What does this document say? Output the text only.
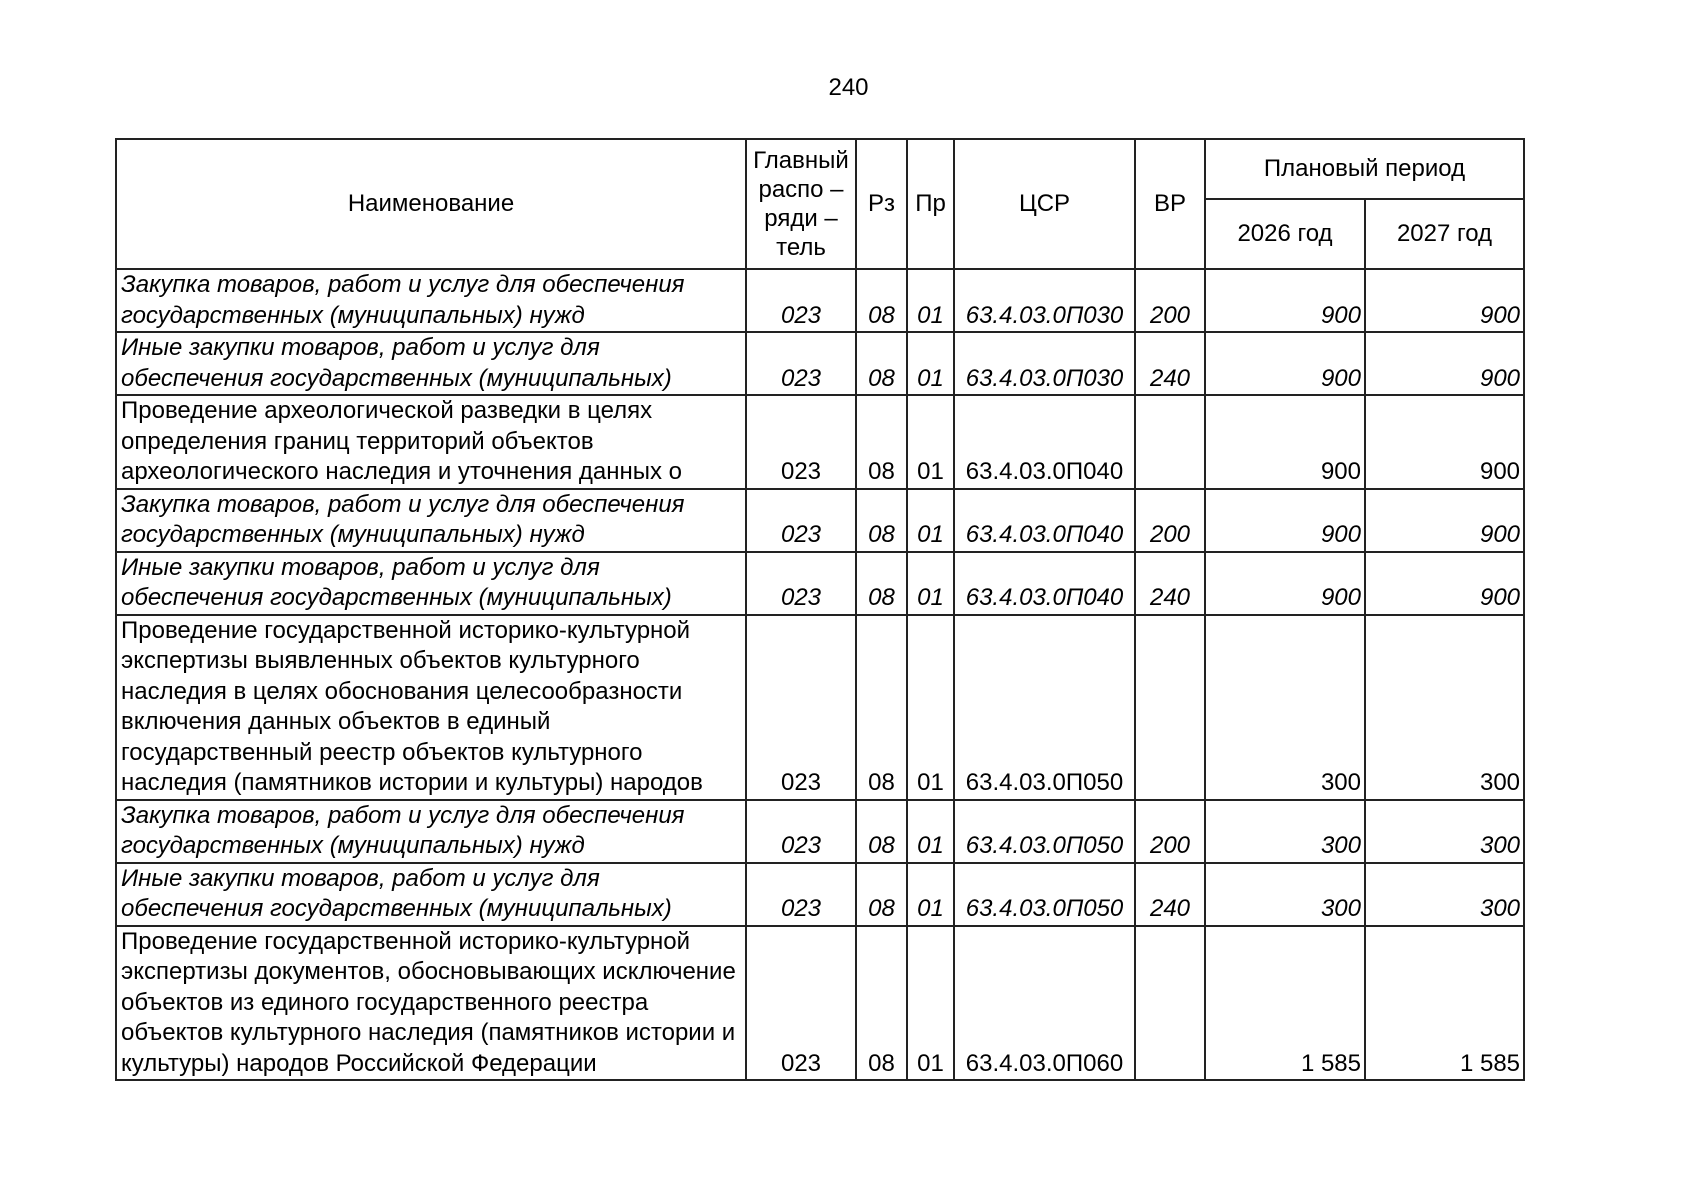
240
Наименование	Главный распо – ряди – тель	Рз	Пр	ЦСР	ВР	Плановый период	
						2026 год	2027 год
Закупка товаров, работ и услуг для обеспечения государственных (муниципальных) нужд	023	08	01	63.4.03.0П030	200	900	900
Иные закупки товаров, работ и услуг для обеспечения государственных (муниципальных)	023	08	01	63.4.03.0П030	240	900	900
Проведение археологической разведки в целях определения границ территорий объектов археологического наследия и уточнения данных о	023	08	01	63.4.03.0П040		900	900
Закупка товаров, работ и услуг для обеспечения государственных (муниципальных) нужд	023	08	01	63.4.03.0П040	200	900	900
Иные закупки товаров, работ и услуг для обеспечения государственных (муниципальных)	023	08	01	63.4.03.0П040	240	900	900
Проведение государственной историко-культурной экспертизы выявленных объектов культурного наследия в целях обоснования целесообразности включения данных объектов в единый государственный реестр объектов культурного наследия (памятников истории и культуры) народов	023	08	01	63.4.03.0П050		300	300
Закупка товаров, работ и услуг для обеспечения государственных (муниципальных) нужд	023	08	01	63.4.03.0П050	200	300	300
Иные закупки товаров, работ и услуг для обеспечения государственных (муниципальных)	023	08	01	63.4.03.0П050	240	300	300
Проведение государственной историко-культурной экспертизы документов, обосновывающих исключение объектов из единого государственного реестра объектов культурного наследия (памятников истории и культуры) народов Российской Федерации	023	08	01	63.4.03.0П060		1 585	1 585
